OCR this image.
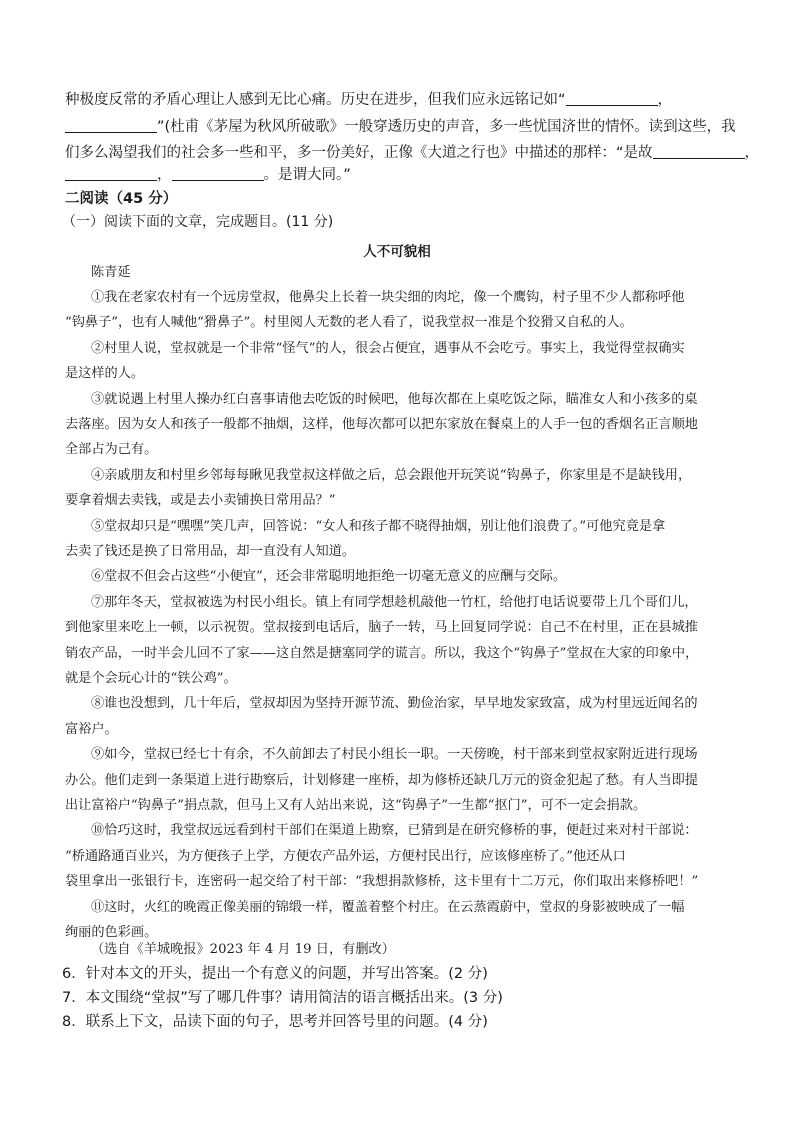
种极度反常的矛盾心理让人感到无比心痛。历史在进步，但我们应永远铭记如“	，
”(杜甫《茅屋为秋风所破歌》一般穿透历史的声音，多一些忧国济世的情怀。读到这些，我
们多么渴望我们的社会多一些和平，多一份美好，正像《大道之行也》中描述的那样：“是故	，
，	。是谓大同。”
二阅读（45 分）
（一）阅读下面的文章，完成题目。(11 分)
人不可貌相
陈青延
①我在老家农村有一个远房堂叔，他鼻尖上长着一块尖细的肉坨，像一个鹰钩，村子里不少人都称呼他
“钩鼻子”，也有人喊他“猾鼻子”。村里阅人无数的老人看了，说我堂叔一准是个狡猾又自私的人。
②村里人说，堂叔就是一个非常“怪气”的人，很会占便宜，遇事从不会吃亏。事实上，我觉得堂叔确实
是这样的人。
③就说遇上村里人操办红白喜事请他去吃饭的时候吧，他每次都在上桌吃饭之际，瞄准女人和小孩多的桌
去落座。因为女人和孩子一般都不抽烟，这样，他每次都可以把东家放在餐桌上的人手一包的香烟名正言顺地
全部占为己有。
④亲戚朋友和村里乡邻每每瞅见我堂叔这样做之后，总会跟他开玩笑说“钩鼻子，你家里是不是缺钱用，
要拿着烟去卖钱，或是去小卖铺换日常用品？”
⑤堂叔却只是“嘿嘿”笑几声，回答说：“女人和孩子都不晓得抽烟，别让他们浪费了。”可他究竟是拿
去卖了钱还是换了日常用品，却一直没有人知道。
⑥堂叔不但会占这些“小便宜”，还会非常聪明地拒绝一切毫无意义的应酬与交际。
⑦那年冬天，堂叔被选为村民小组长。镇上有同学想趁机敲他一竹杠，给他打电话说要带上几个哥们儿，
到他家里来吃上一顿，以示祝贺。堂叔接到电话后，脑子一转，马上回复同学说：自己不在村里，正在县城推
销农产品，一时半会儿回不了家——这自然是搪塞同学的谎言。所以，我这个“钩鼻子”堂叔在大家的印象中，
就是个会玩心计的“铁公鸡”。
⑧谁也没想到，几十年后，堂叔却因为坚持开源节流、勤俭治家，早早地发家致富，成为村里远近闻名的
富裕户。
⑨如今，堂叔已经七十有余，不久前卸去了村民小组长一职。一天傍晚，村干部来到堂叔家附近进行现场
办公。他们走到一条渠道上进行勘察后，计划修建一座桥，却为修桥还缺几万元的资金犯起了愁。有人当即提
出让富裕户“钩鼻子”捐点款，但马上又有人站出来说，这“钩鼻子”一生都“抠门”，可不一定会捐款。
⑩恰巧这时，我堂叔远远看到村干部们在渠道上勘察，已猜到是在研究修桥的事，便赶过来对村干部说：
“桥通路通百业兴，为方便孩子上学，方便农产品外运，方便村民出行，应该修座桥了。”他还从口
袋里拿出一张银行卡，连密码一起交给了村干部：“我想捐款修桥，这卡里有十二万元，你们取出来修桥吧！”
⑪这时，火红的晚霞正像美丽的锦缎一样，覆盖着整个村庄。在云蒸霞蔚中，堂叔的身影被映成了一幅
绚丽的色彩画。
（选自《羊城晚报》2023 年 4 月 19 日，有删改）
6．针对本文的开头，提出一个有意义的问题，并写出答案。(2 分)
7．本文围绕“堂叔”写了哪几件事？请用简洁的语言概括出来。(3 分)
8．联系上下文，品读下面的句子，思考并回答号里的问题。(4 分)
